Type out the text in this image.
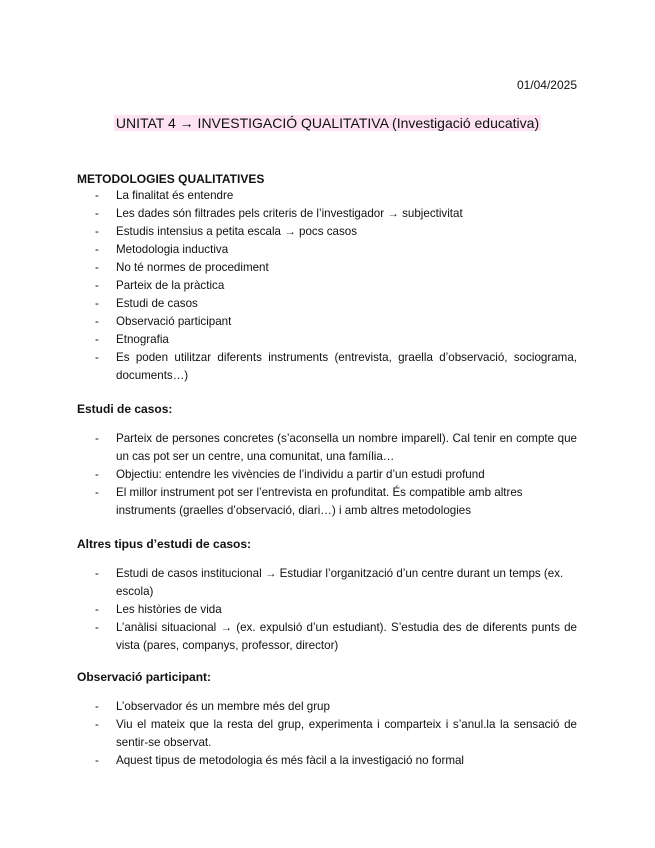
01/04/2025
UNITAT 4 → INVESTIGACIÓ QUALITATIVA (Investigació educativa)
METODOLOGIES QUALITATIVES
- La finalitat és entendre
- Les dades són filtrades pels criteris de l’investigador → subjectivitat
- Estudis intensius a petita escala → pocs casos
- Metodologia inductiva
- No té normes de procediment
- Parteix de la pràctica
- Estudi de casos
- Observació participant
- Etnografia
- Es poden utilitzar diferents instruments (entrevista, graella d’observació, sociograma, documents…)
Estudi de casos:
- Parteix de persones concretes (s’aconsella un nombre imparell). Cal tenir en compte que un cas pot ser un centre, una comunitat, una família…
- Objectiu: entendre les vivències de l’individu a partir d’un estudi profund
- El millor instrument pot ser l’entrevista en profunditat. És compatible amb altres instruments (graelles d’observació, diari…) i amb altres metodologies
Altres tipus d’estudi de casos:
- Estudi de casos institucional → Estudiar l’organització d’un centre durant un temps (ex. escola)
- Les històries de vida
- L’anàlisi situacional → (ex. expulsió d’un estudiant). S’estudia des de diferents punts de vista (pares, companys, professor, director)
Observació participant:
- L’observador és un membre més del grup
- Viu el mateix que la resta del grup, experimenta i comparteix i s’anul.la la sensació de sentir-se observat.
- Aquest tipus de metodologia és més fàcil a la investigació no formal
